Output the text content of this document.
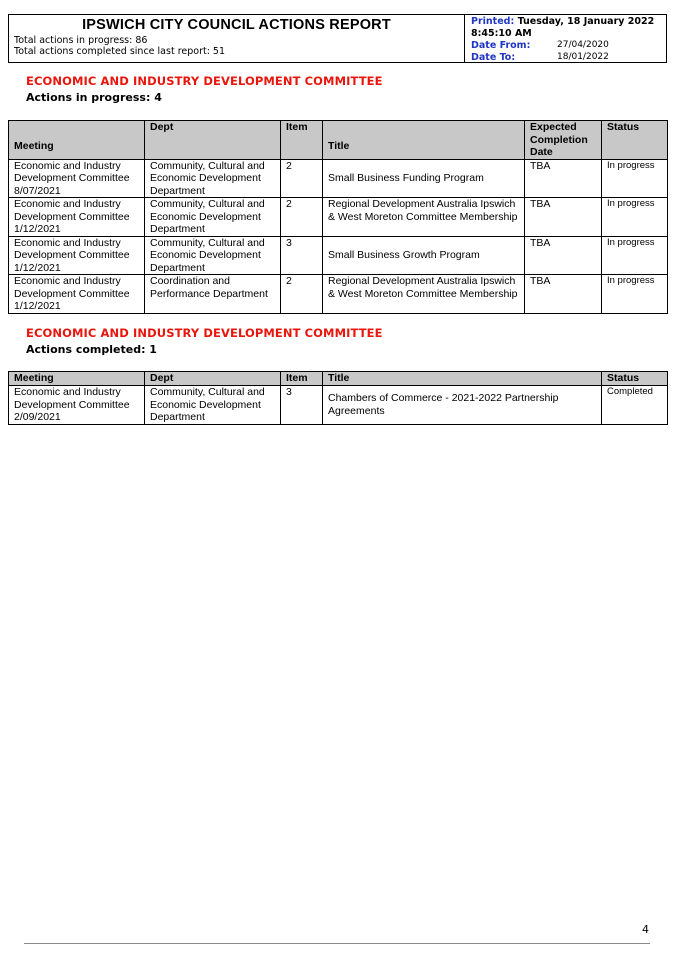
IPSWICH CITY COUNCIL ACTIONS REPORT
Total actions in progress: 86
Total actions completed since last report: 51
Printed: Tuesday, 18 January 2022
8:45:10 AM
Date From:	27/04/2020
Date To:	18/01/2022
ECONOMIC AND INDUSTRY DEVELOPMENT COMMITTEE
Actions in progress: 4
Meeting	Dept	Item	Title	Expected Completion Date	Status
Economic and Industry Development Committee 8/07/2021	Community, Cultural and Economic Development Department	2	Small Business Funding Program	TBA	In progress
Economic and Industry Development Committee 1/12/2021	Community, Cultural and Economic Development Department	2	Regional Development Australia Ipswich & West Moreton Committee Membership	TBA	In progress
Economic and Industry Development Committee 1/12/2021	Community, Cultural and Economic Development Department	3	Small Business Growth Program	TBA	In progress
Economic and Industry Development Committee 1/12/2021	Coordination and Performance Department	2	Regional Development Australia Ipswich & West Moreton Committee Membership	TBA	In progress
ECONOMIC AND INDUSTRY DEVELOPMENT COMMITTEE
Actions completed: 1
Meeting	Dept	Item	Title	Status
Economic and Industry Development Committee 2/09/2021	Community, Cultural and Economic Development Department	3	Chambers of Commerce - 2021-2022 Partnership Agreements	Completed
4
